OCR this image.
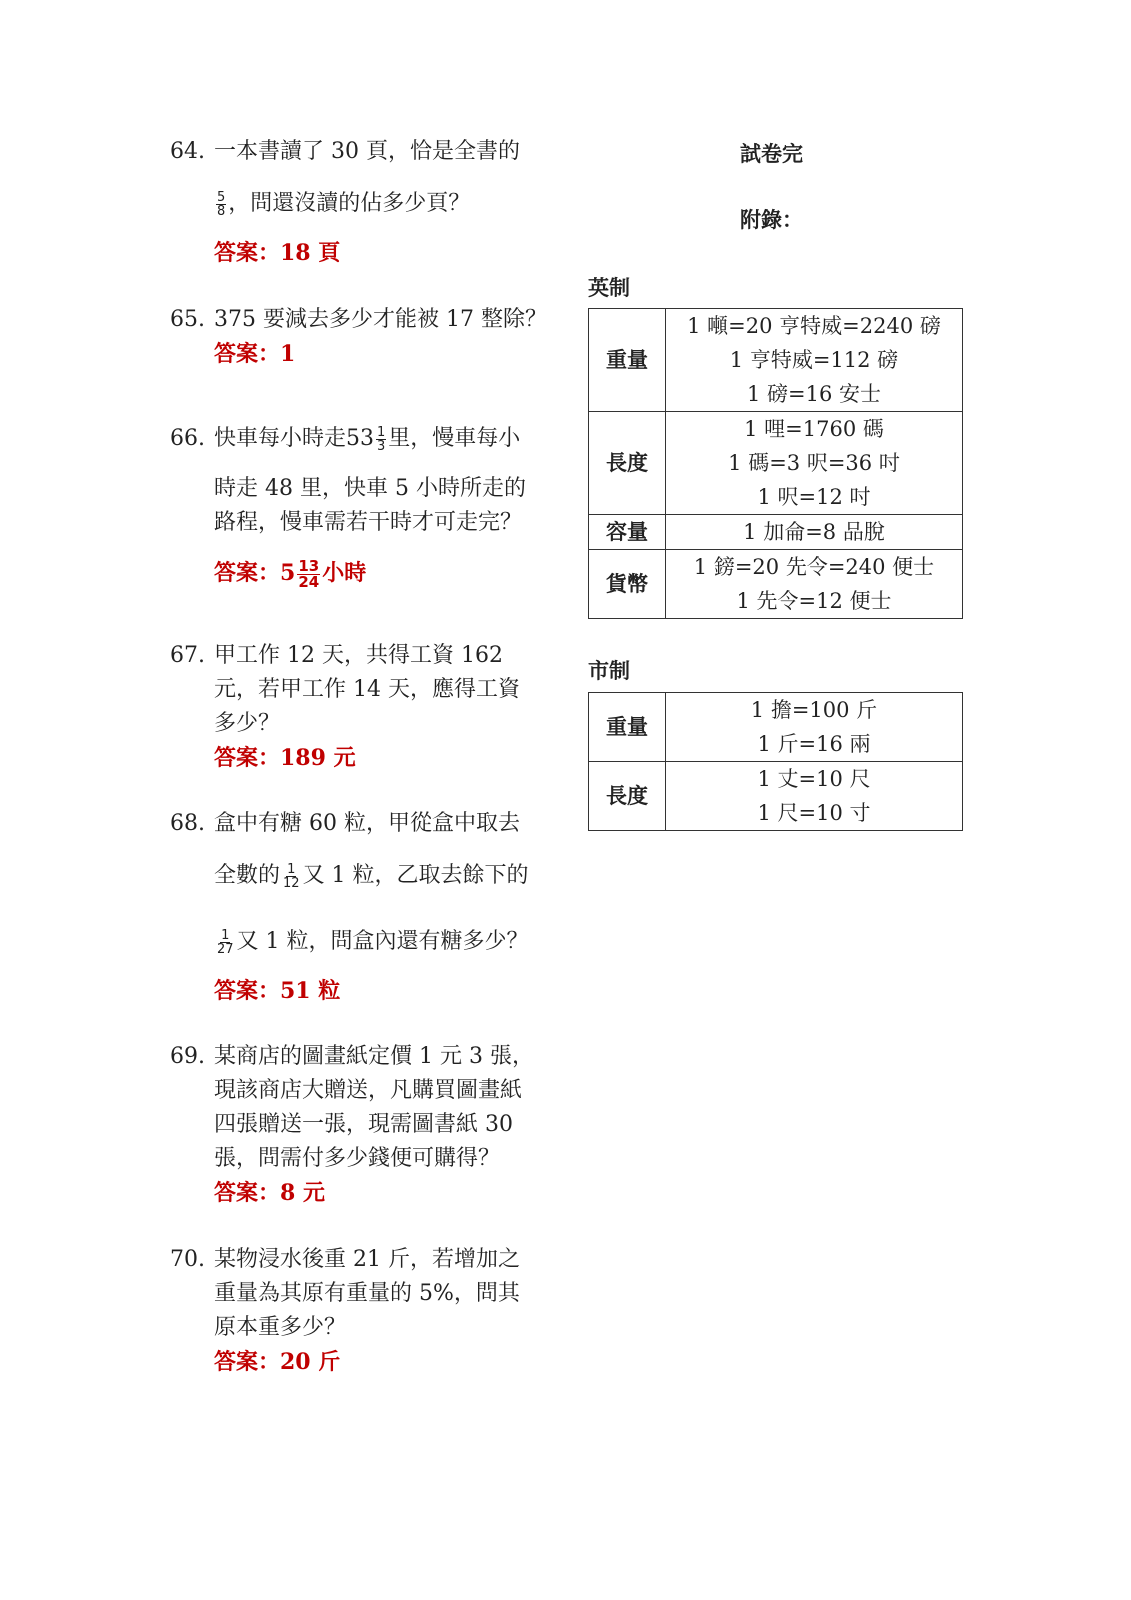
64. 一本書讀了 30 頁，恰是全書的
$\frac{5}{8}$ ，問還沒讀的佔多少頁？
答案：18 頁
65. 375 要減去多少才能被 17 整除？
答案：1
66. 快車每小時走$53 \frac{1}{3}$ 里，慢車每小
時走 48 里，快車 5 小時所走的
路程，慢車需若干時才可走完？
答案：$5 \frac{13}{24}$ 小時
67. 甲工作 12 天，共得工資 162
元，若甲工作 14 天，應得工資
多少？
答案：189 元
68. 盒中有糖 60 粒，甲從盒中取去
全數的 $\frac{1}{12}$ 又 1 粒，乙取去餘下的
$\frac{1}{27}$ 又 1 粒，問盒內還有糖多少？
答案：51 粒
69. 某商店的圖畫紙定價 1 元 3 張，
現該商店大贈送，凡購買圖畫紙
四張贈送一張，現需圖書紙 30
張，問需付多少錢便可購得？
答案：8 元
70. 某物浸水後重 21 斤，若增加之
重量為其原有重量的 5%，問其
原本重多少？
答案：20 斤
試卷完
附錄：
英制
重量	1 噸=20 亨特威=2240 磅
1 亨特威=112 磅
1 磅=16 安士

長度	1 哩=1760 碼
1 碼=3 呎=36 吋
1 呎=12 吋

容量	1 加侖=8 品脫

貨幣	1 鎊=20 先令=240 便士
1 先令=12 便士
市制
重量	1 擔=100 斤
1 斤=16 兩

長度	1 丈=10 尺
1 尺=10 寸
